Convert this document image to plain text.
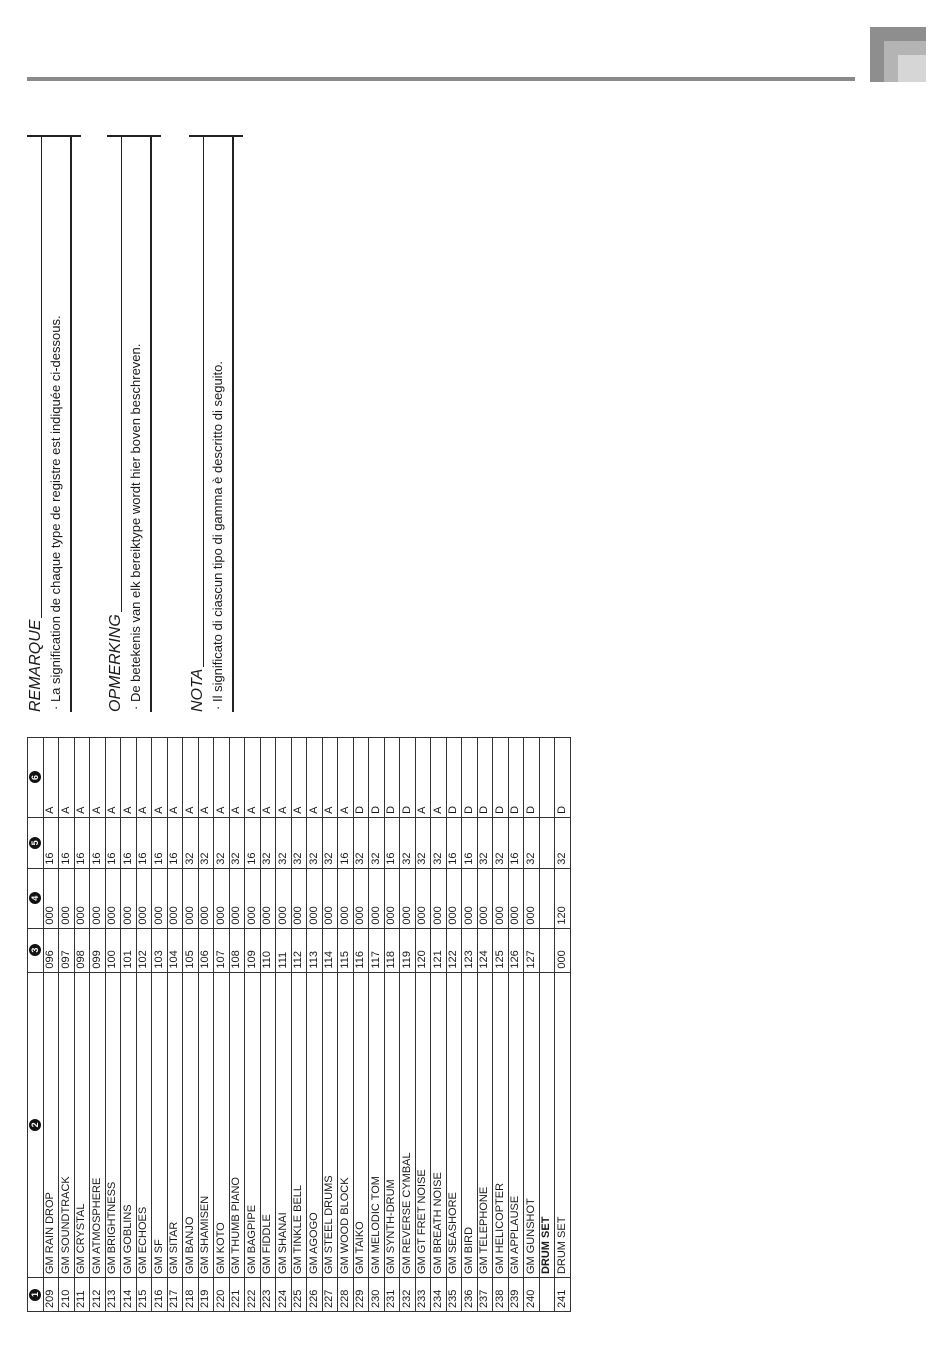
1	2	3	4	5	6
209	GM RAIN DROP	096	000	16	A
210	GM SOUNDTRACK	097	000	16	A
211	GM CRYSTAL	098	000	16	A
212	GM ATMOSPHERE	099	000	16	A
213	GM BRIGHTNESS	100	000	16	A
214	GM GOBLINS	101	000	16	A
215	GM ECHOES	102	000	16	A
216	GM SF	103	000	16	A
217	GM SITAR	104	000	16	A
218	GM BANJO	105	000	32	A
219	GM SHAMISEN	106	000	32	A
220	GM KOTO	107	000	32	A
221	GM THUMB PIANO	108	000	32	A
222	GM BAGPIPE	109	000	16	A
223	GM FIDDLE	110	000	32	A
224	GM SHANAI	111	000	32	A
225	GM TINKLE BELL	112	000	32	A
226	GM AGOGO	113	000	32	A
227	GM STEEL DRUMS	114	000	32	A
228	GM WOOD BLOCK	115	000	16	A
229	GM TAIKO	116	000	32	D
230	GM MELODIC TOM	117	000	32	D
231	GM SYNTH-DRUM	118	000	16	D
232	GM REVERSE CYMBAL	119	000	32	D
233	GM GT FRET NOISE	120	000	32	A
234	GM BREATH NOISE	121	000	32	A
235	GM SEASHORE	122	000	16	D
236	GM BIRD	123	000	16	D
237	GM TELEPHONE	124	000	32	D
238	GM HELICOPTER	125	000	32	D
239	GM APPLAUSE	126	000	16	D
240	GM GUNSHOT	127	000	32	D
	DRUM SET				
241	DRUM SET	000	120	32	D
REMARQUE · La signification de chaque type de registre est indiquée ci-dessous.	OPMERKING · De betekenis van elk bereiktype wordt hier boven beschreven.	NOTA · Il significato di ciascun tipo di gamma è descritto di seguito.
